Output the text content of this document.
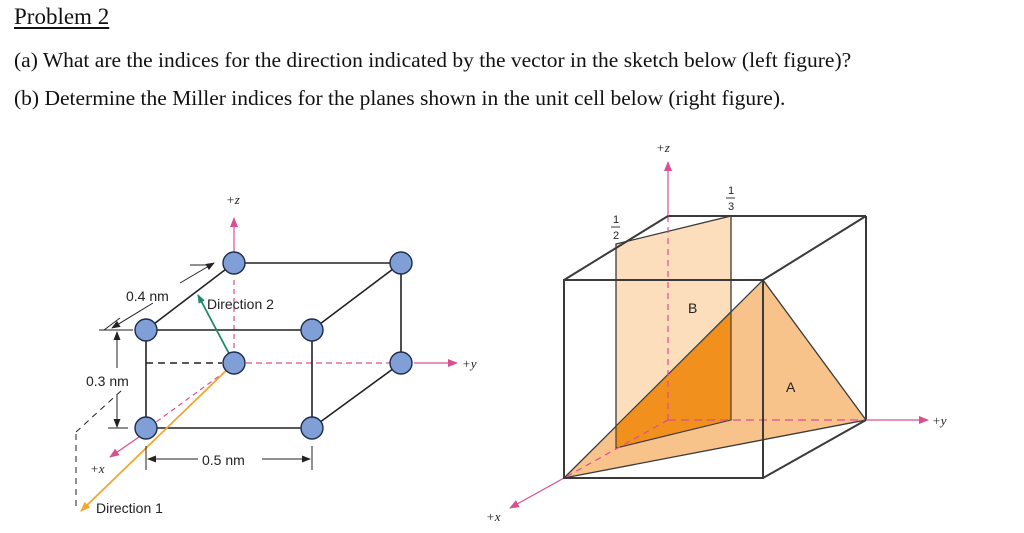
Problem 2
(a) What are the indices for the direction indicated by the vector in the sketch below (left figure)?
(b) Determine the Miller indices for the planes shown in the unit cell below (right figure).
+z
+y
+x
0.4 nm
0.3 nm
0.5 nm
Direction 2
Direction 1
+z
+y
+x
1
2
1
3
B
A
